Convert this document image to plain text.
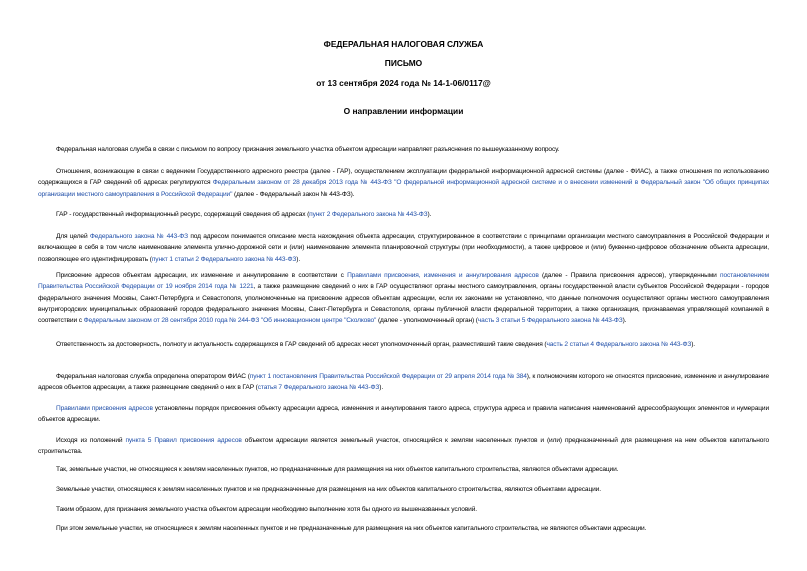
ФЕДЕРАЛЬНАЯ НАЛОГОВАЯ СЛУЖБА
ПИСЬМО
от 13 сентября 2024 года № 14-1-06/0117@
О направлении информации
Федеральная налоговая служба в связи с письмом по вопросу признания земельного участка объектом адресации направляет разъяснения по вышеуказанному вопросу.
Отношения, возникающие в связи с ведением Государственного адресного реестра (далее - ГАР), осуществлением эксплуатации федеральной информационной адресной системы (далее - ФИАС), а также отношения по использованию содержащихся в ГАР сведений об адресах регулируются Федеральным законом от 28 декабря 2013 года № 443-ФЗ "О федеральной информационной адресной системе и о внесении изменений в Федеральный закон "Об общих принципах организации местного самоуправления в Российской Федерации" (далее - Федеральный закон № 443-ФЗ).
ГАР - государственный информационный ресурс, содержащий сведения об адресах (пункт 2 Федерального закона № 443-ФЗ).
Для целей Федерального закона № 443-ФЗ под адресом понимается описание места нахождения объекта адресации, структурированное в соответствии с принципами организации местного самоуправления в Российской Федерации и включающее в себя в том числе наименование элемента улично-дорожной сети и (или) наименование элемента планировочной структуры (при необходимости), а также цифровое и (или) буквенно-цифровое обозначение объекта адресации, позволяющее его идентифицировать (пункт 1 статьи 2 Федерального закона № 443-ФЗ).
Присвоение адресов объектам адресации, их изменение и аннулирование в соответствии с Правилами присвоения, изменения и аннулирования адресов (далее - Правила присвоения адресов), утвержденными постановлением Правительства Российской Федерации от 19 ноября 2014 года № 1221, а также размещение сведений о них в ГАР осуществляют органы местного самоуправления, органы государственной власти субъектов Российской Федерации - городов федерального значения Москвы, Санкт-Петербурга и Севастополя, уполномоченные на присвоение адресов объектам адресации, если их законами не установлено, что данные полномочия осуществляют органы местного самоуправления внутригородских муниципальных образований городов федерального значения Москвы, Санкт-Петербурга и Севастополя, органы публичной власти федеральной территории, а также организация, признаваемая управляющей компанией в соответствии с Федеральным законом от 28 сентября 2010 года № 244-ФЗ "Об инновационном центре "Сколково" (далее - уполномоченный орган) (часть 3 статьи 5 Федерального закона № 443-ФЗ).
Ответственность за достоверность, полноту и актуальность содержащихся в ГАР сведений об адресах несет уполномоченный орган, разместивший такие сведения (часть 2 статьи 4 Федерального закона № 443-ФЗ).
Федеральная налоговая служба определена оператором ФИАС (пункт 1 постановления Правительства Российской Федерации от 29 апреля 2014 года № 384), к полномочиям которого не относятся присвоение, изменение и аннулирование адресов объектов адресации, а также размещение сведений о них в ГАР (статья 7 Федерального закона № 443-ФЗ).
Правилами присвоения адресов установлены порядок присвоения объекту адресации адреса, изменения и аннулирования такого адреса, структура адреса и правила написания наименований адресообразующих элементов и нумерации объектов адресации.
Исходя из положений пункта 5 Правил присвоения адресов объектом адресации является земельный участок, относящийся к землям населенных пунктов и (или) предназначенный для размещения на нем объектов капитального строительства.
Так, земельные участки, не относящиеся к землям населенных пунктов, но предназначенные для размещения на них объектов капитального строительства, являются объектами адресации.
Земельные участки, относящиеся к землям населенных пунктов и не предназначенные для размещения на них объектов капитального строительства, являются объектами адресации.
Таким образом, для признания земельного участка объектом адресации необходимо выполнение хотя бы одного из вышеназванных условий.
При этом земельные участки, не относящиеся к землям населенных пунктов и не предназначенные для размещения на них объектов капитального строительства, не являются объектами адресации.
